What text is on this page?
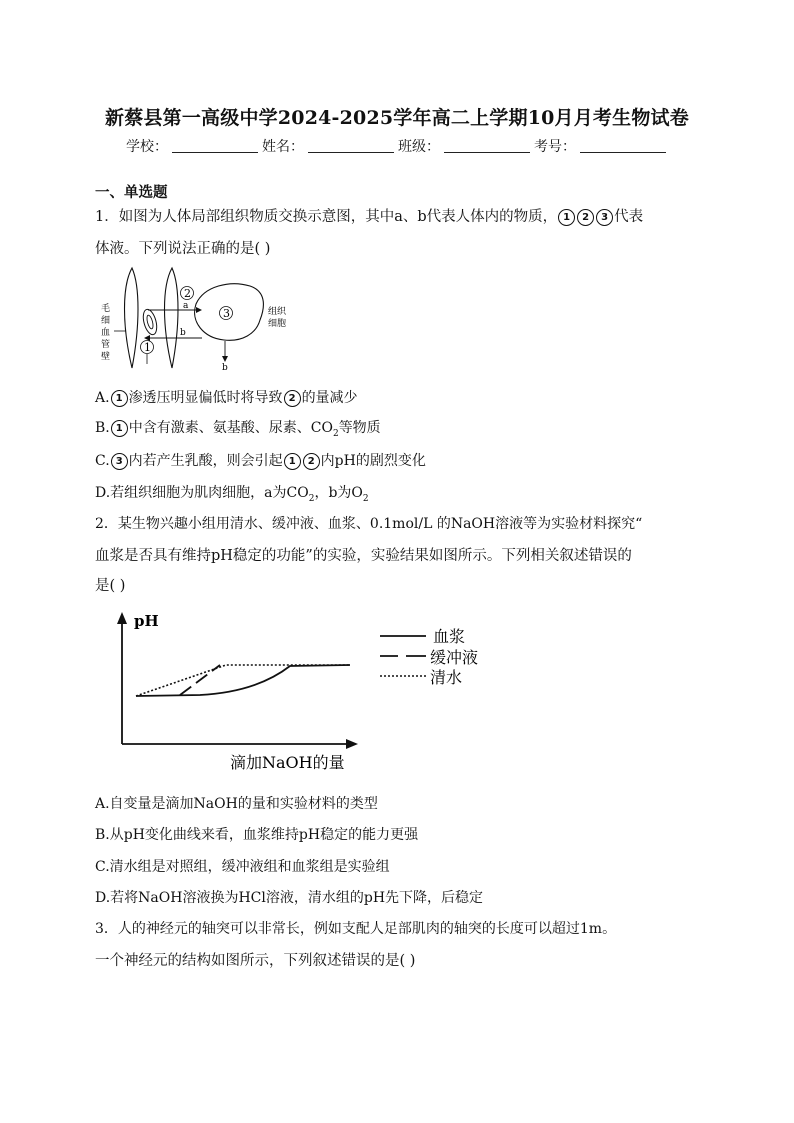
新蔡县第一高级中学2024-2025学年高二上学期10月月考生物试卷
学校：	姓名：	班级：	考号：
一、单选题
1．如图为人体局部组织物质交换示意图，其中a、b代表人体内的物质， 1 2 3 代表
体液。下列说法正确的是( )
毛
细
血
管
壁
3	组织
细胞
2
1
a
b
b
A. 1 渗透压明显偏低时将导致 2 的量减少
B. 1 中含有激素、氨基酸、尿素、$CO_2$等物质
C. 3 内若产生乳酸，则会引起 1 2 内pH的剧烈变化
D.若组织细胞为肌肉细胞，a为$CO_2$，b为$O_2$
2．某生物兴趣小组用清水、缓冲液、血浆、0.1mol/L 的NaOH溶液等为实验材料探究“
血浆是否具有维持pH稳定的功能”的实验，实验结果如图所示。下列相关叙述错误的
是( )
pH
滴加NaOH的量
血浆
缓冲液
清水
A.自变量是滴加NaOH的量和实验材料的类型
B.从pH变化曲线来看，血浆维持pH稳定的能力更强
C.清水组是对照组，缓冲液组和血浆组是实验组
D.若将NaOH溶液换为HCl溶液，清水组的pH先下降，后稳定
3．人的神经元的轴突可以非常长，例如支配人足部肌肉的轴突的长度可以超过1m。
一个神经元的结构如图所示，下列叙述错误的是( )
